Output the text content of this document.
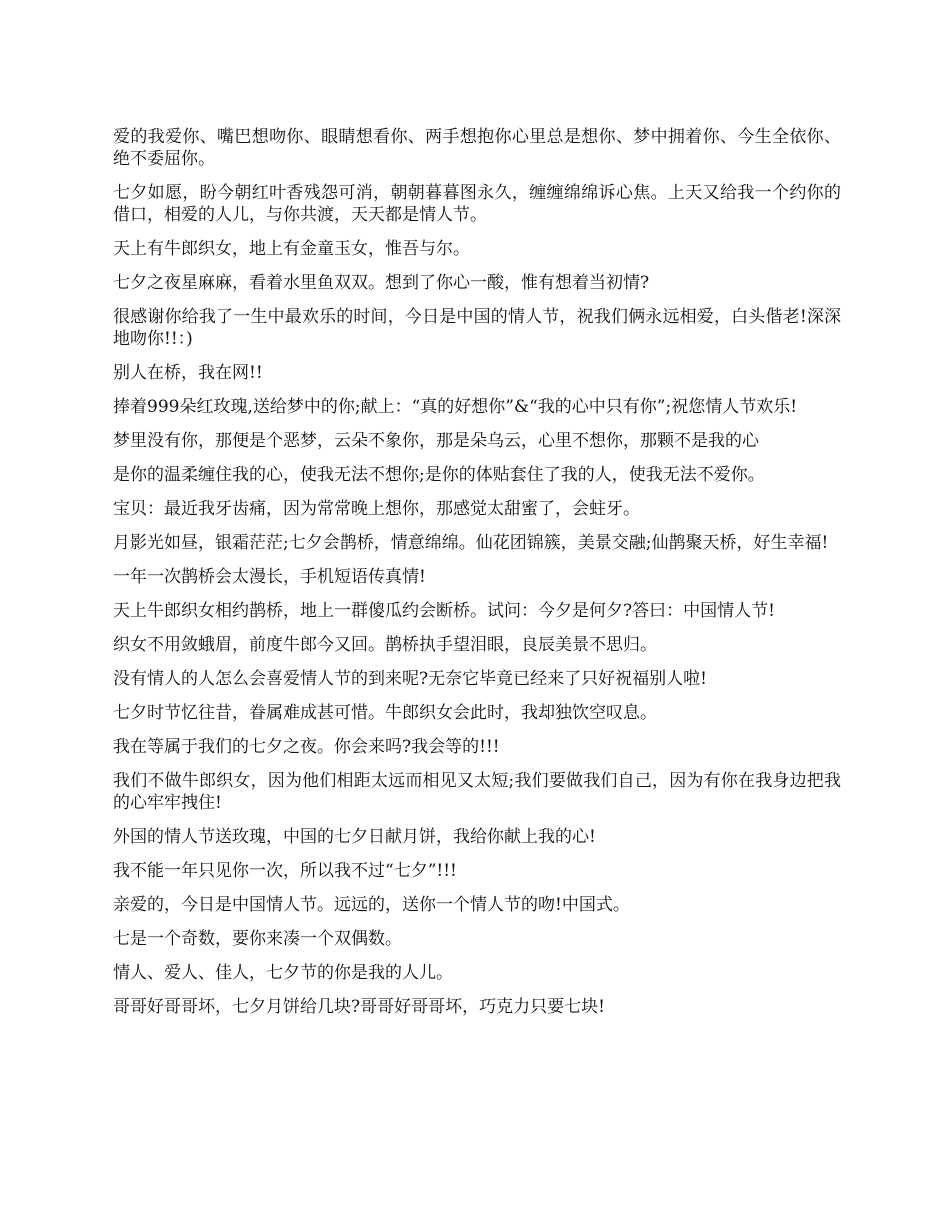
爱的我爱你、嘴巴想吻你、眼睛想看你、两手想抱你心里总是想你、梦中拥着你、今生全依你、绝不委屈你。

七夕如愿，盼今朝红叶香残怨可消，朝朝暮暮图永久，缠缠绵绵诉心焦。上天又给我一个约你的借口，相爱的人儿，与你共渡，天天都是情人节。

天上有牛郎织女，地上有金童玉女，惟吾与尔。

七夕之夜星麻麻，看着水里鱼双双。想到了你心一酸，惟有想着当初情?

很感谢你给我了一生中最欢乐的时间，今日是中国的情人节，祝我们俩永远相爱，白头偕老!深深地吻你!!：)

别人在桥，我在网!!

捧着999朵红玫瑰,送给梦中的你;献上：“真的好想你”&“我的心中只有你”;祝您情人节欢乐!

梦里没有你，那便是个恶梦，云朵不象你，那是朵乌云，心里不想你，那颗不是我的心

是你的温柔缠住我的心，使我无法不想你;是你的体贴套住了我的人，使我无法不爱你。

宝贝：最近我牙齿痛，因为常常晚上想你，那感觉太甜蜜了，会蛀牙。

月影光如昼，银霜茫茫;七夕会鹊桥，情意绵绵。仙花团锦簇，美景交融;仙鹊聚天桥，好生幸福!

一年一次鹊桥会太漫长，手机短语传真情!

天上牛郎织女相约鹊桥，地上一群傻瓜约会断桥。试问：今夕是何夕?答曰：中国情人节!

织女不用敛蛾眉，前度牛郎今又回。鹊桥执手望泪眼，良辰美景不思归。

没有情人的人怎么会喜爱情人节的到来呢?无奈它毕竟已经来了只好祝福别人啦!

七夕时节忆往昔，眷属难成甚可惜。牛郎织女会此时，我却独饮空叹息。

我在等属于我们的七夕之夜。你会来吗?我会等的!!!

我们不做牛郎织女，因为他们相距太远而相见又太短;我们要做我们自己，因为有你在我身边把我的心牢牢拽住!

外国的情人节送玫瑰，中国的七夕日献月饼，我给你献上我的心!

我不能一年只见你一次，所以我不过“七夕”!!!

亲爱的，今日是中国情人节。远远的，送你一个情人节的吻!中国式。

七是一个奇数，要你来凑一个双偶数。

情人、爱人、佳人，七夕节的你是我的人儿。

哥哥好哥哥坏，七夕月饼给几块?哥哥好哥哥坏，巧克力只要七块!
